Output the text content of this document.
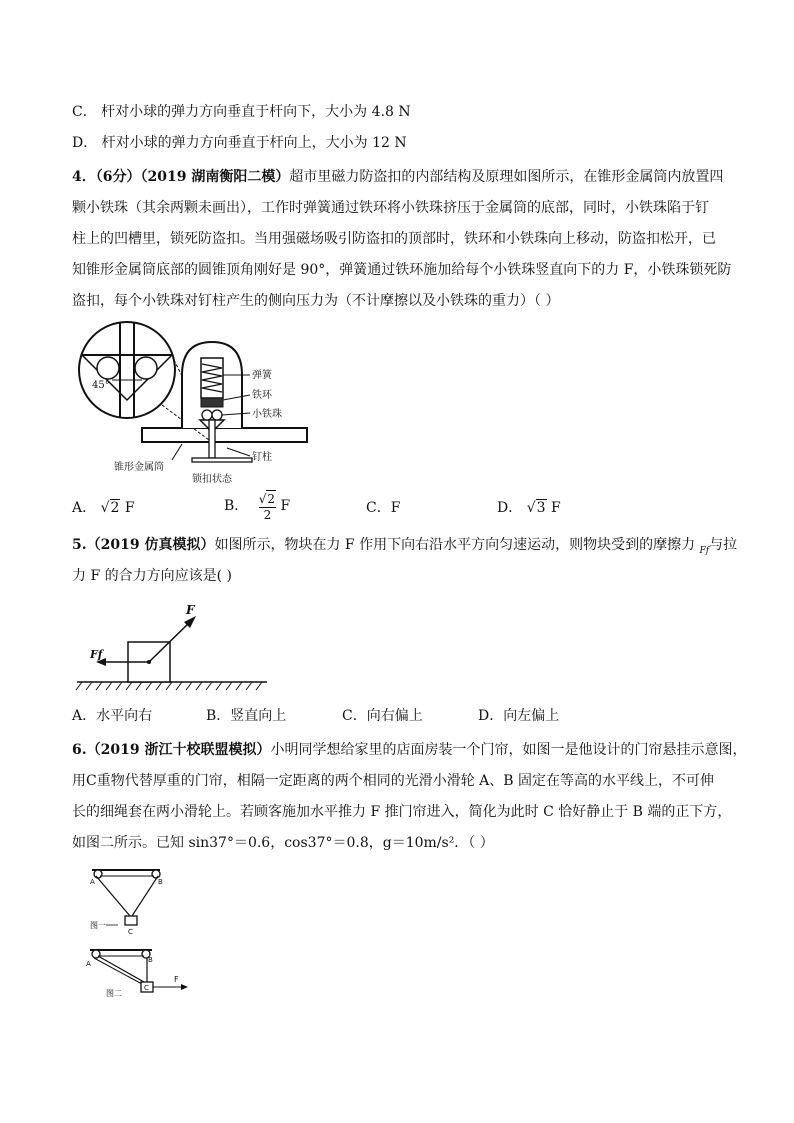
C． 杆对小球的弹力方向垂直于杆向下，大小为 4.8 N
D． 杆对小球的弹力方向垂直于杆向上，大小为 12 N
4．（6分）（2019 湖南衡阳二模）超市里磁力防盗扣的内部结构及原理如图所示，在锥形金属筒内放置四
颗小铁珠（其余两颗未画出），工作时弹簧通过铁环将小铁珠挤压于金属筒的底部，同时，小铁珠陷于钉
柱上的凹槽里，锁死防盗扣。当用强磁场吸引防盗扣的顶部时，铁环和小铁珠向上移动，防盗扣松开，已
知锥形金属筒底部的圆锥顶角刚好是 90°，弹簧通过铁环施加给每个小铁珠竖直向下的力 F，小铁珠锁死防
盗扣，每个小铁珠对钉柱产生的侧向压力为（不计摩擦以及小铁珠的重力）（ ）
45°
弹簧
铁环
小铁珠
钉柱
锥形金属筒
锁扣状态
A． √2 F	B． $\frac{√2}{2}$ F	C．F	D． √3 F
5.（2019 仿真模拟）如图所示，物块在力 F 作用下向右沿水平方向匀速运动，则物块受到的摩擦力 $_{Ff}$与拉
力 F 的合力方向应该是( )
F
Ff
A．水平向右	B．竖直向上	C．向右偏上	D．向左偏上
6.（2019 浙江十校联盟模拟）小明同学想给家里的店面房装一个门帘，如图一是他设计的门帘悬挂示意图，
用C重物代替厚重的门帘，相隔一定距离的两个相同的光滑小滑轮 A、B 固定在等高的水平线上，不可伸
长的细绳套在两小滑轮上。若顾客施加水平推力 F 推门帘进入，简化为此时 C 恰好静止于 B 端的正下方，
如图二所示。已知 sin37°＝0.6，cos37°＝0.8，g＝10m/s²．（ ）
A	B
C
图一
A	B
C
F
图二
